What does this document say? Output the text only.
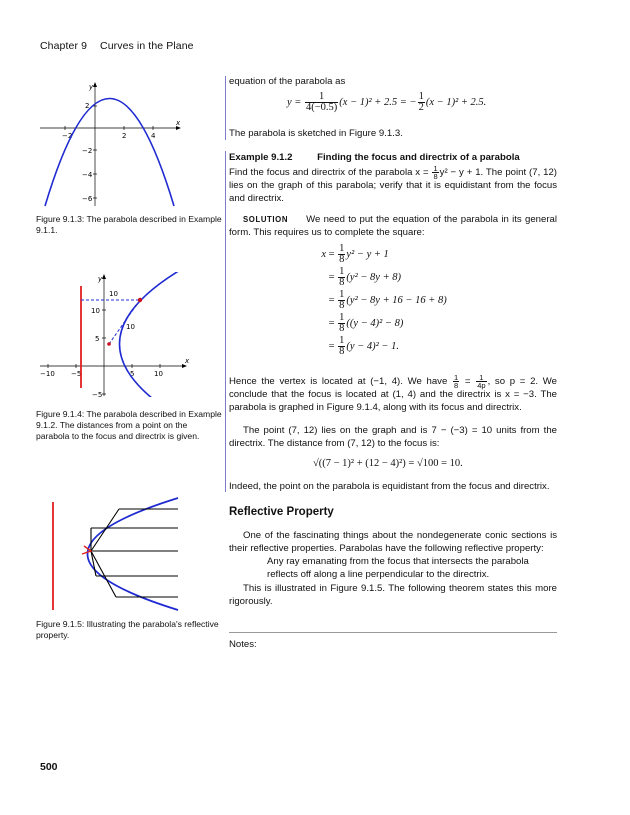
Chapter 9 Curves in the Plane
−2	2	4
2
−2
−4
−6
x
y
Figure 9.1.3: The parabola described in Example 9.1.1.
−10 −5	5	10
10
5
−5
x
y
10
10
Figure 9.1.4: The parabola described in Example 9.1.2. The distances from a point on the parabola to the focus and directrix is given.
Figure 9.1.5: Illustrating the parabola's reflective property.
equation of the parabola as
$y = \frac{1}{4(-0.5)} (x - 1)^2 + 2.5$ = − $\frac{1}{2} (x - 1)^2 + 2.5$.
The parabola is sketched in Figure 9.1.3.
Example 9.1.2	Finding the focus and directrix of a parabola
Find the focus and directrix of the parabola $x = \frac{1}{8} y^2 - y + 1$. The point (7, 12) lies on the graph of this parabola; verify that it is equidistant from the focus and directrix.
SOLUTION We need to put the equation of the parabola in its general form. This requires us to complete the square:
$x = \frac{1}{8} y^2 - y + 1$
= $\frac{1}{8} (y^2 - 8y + 8)$
= $\frac{1}{8} (y^2 - 8y + 16 - 16 + 8)$
= $\frac{1}{8} ((y - 4)^2 - 8)$
= $\frac{1}{8} (y - 4)^2 - 1$.
Hence the vertex is located at (−1, 4). We have $\frac{1}{8} = \frac{1}{4p}$ , so p = 2. We conclude that the focus is located at (1, 4) and the directrix is x = −3. The parabola is graphed in Figure 9.1.4, along with its focus and directrix.
The point (7, 12) lies on the graph and is 7 − (−3) = 10 units from the directrix. The distance from (7, 12) to the focus is:
√((7 − 1)² + (12 − 4)²) = √100 = 10.
Indeed, the point on the parabola is equidistant from the focus and directrix.
Reflective Property
One of the fascinating things about the nondegenerate conic sections is their reflective properties. Parabolas have the following reflective property:
Any ray emanating from the focus that intersects the parabola
reflects off along a line perpendicular to the directrix.
This is illustrated in Figure 9.1.5. The following theorem states this more rigorously.
Notes:
500
